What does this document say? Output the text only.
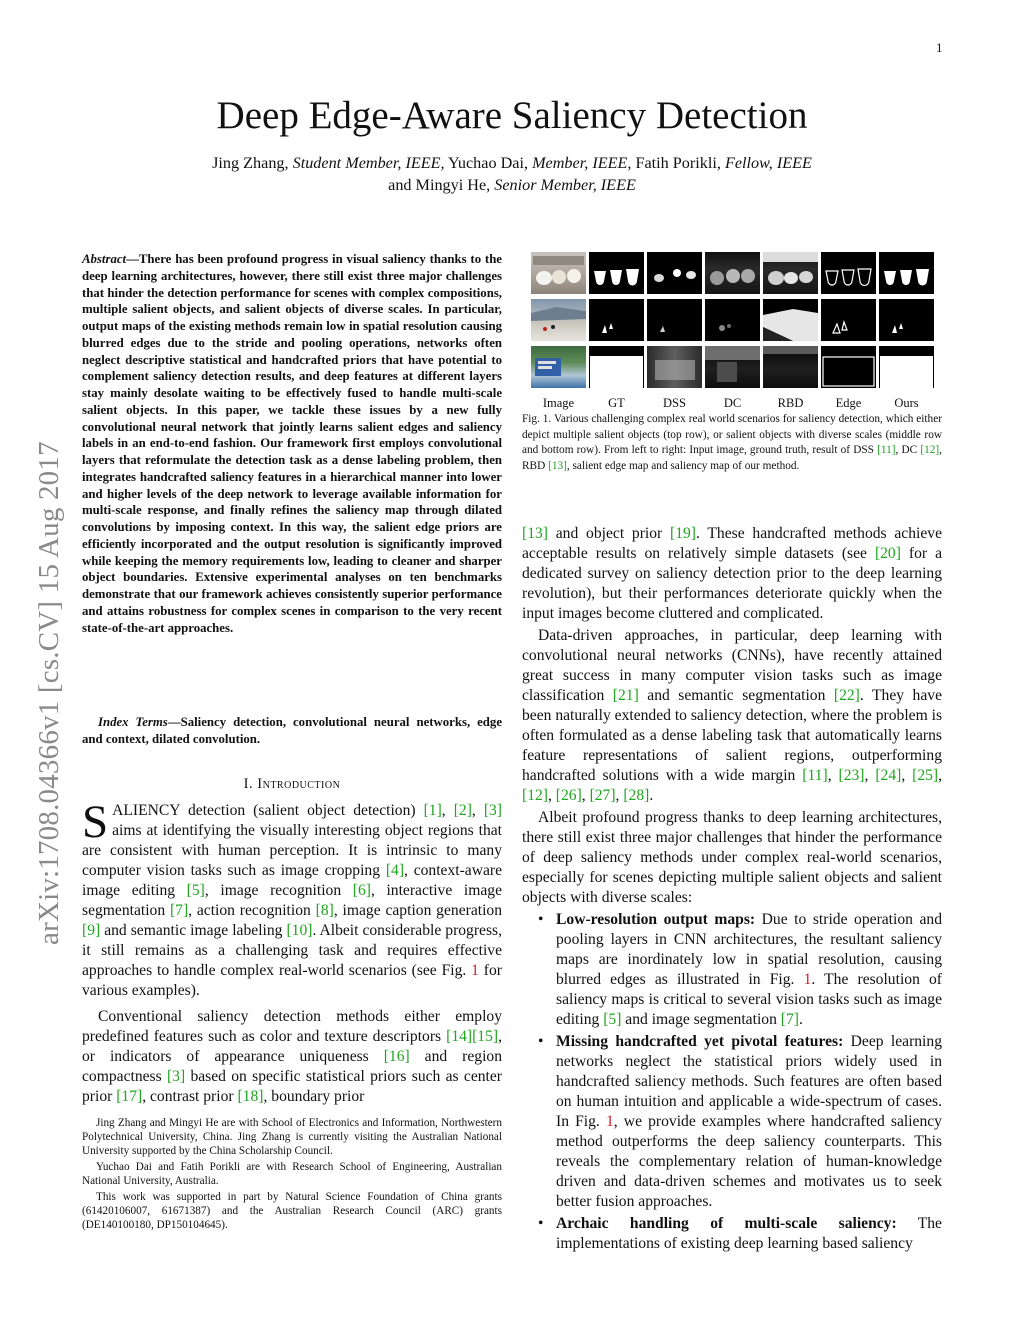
1
arXiv:1708.04366v1 [cs.CV] 15 Aug 2017
Deep Edge-Aware Saliency Detection
Jing Zhang, Student Member, IEEE, Yuchao Dai, Member, IEEE, Fatih Porikli, Fellow, IEEE
and Mingyi He, Senior Member, IEEE
Abstract—There has been profound progress in visual saliency thanks to the deep learning architectures, however, there still exist three major challenges that hinder the detection performance for scenes with complex compositions, multiple salient objects, and salient objects of diverse scales. In particular, output maps of the existing methods remain low in spatial resolution causing blurred edges due to the stride and pooling operations, networks often neglect descriptive statistical and handcrafted priors that have potential to complement saliency detection results, and deep features at different layers stay mainly desolate waiting to be effectively fused to handle multi-scale salient objects. In this paper, we tackle these issues by a new fully convolutional neural network that jointly learns salient edges and saliency labels in an end-to-end fashion. Our framework first employs convolutional layers that reformulate the detection task as a dense labeling problem, then integrates handcrafted saliency features in a hierarchical manner into lower and higher levels of the deep network to leverage available information for multi-scale response, and finally refines the saliency map through dilated convolutions by imposing context. In this way, the salient edge priors are efficiently incorporated and the output resolution is significantly improved while keeping the memory requirements low, leading to cleaner and sharper object boundaries. Extensive experimental analyses on ten benchmarks demonstrate that our framework achieves consistently superior performance and attains robustness for complex scenes in comparison to the very recent state-of-the-art approaches.
Index Terms—Saliency detection, convolutional neural networks, edge and context, dilated convolution.
I. Introduction

SALIENCY detection (salient object detection) [1], [2], [3] aims at identifying the visually interesting object regions that are consistent with human perception. It is intrinsic to many computer vision tasks such as image cropping [4], context-aware image editing [5], image recognition [6], interactive image segmentation [7], action recognition [8], image caption generation [9] and semantic image labeling [10]. Albeit considerable progress, it still remains as a challenging task and requires effective approaches to handle complex real-world scenarios (see Fig. 1 for various examples).

Conventional saliency detection methods either employ predefined features such as color and texture descriptors [14][15], or indicators of appearance uniqueness [16] and region compactness [3] based on specific statistical priors such as center prior [17], contrast prior [18], boundary prior

Jing Zhang and Mingyi He are with School of Electronics and Information, Northwestern Polytechnical University, China. Jing Zhang is currently visiting the Australian National University supported by the China Scholarship Council.

Yuchao Dai and Fatih Porikli are with Research School of Engineering, Australian National University, Australia.

This work was supported in part by Natural Science Foundation of China grants (61420106007, 61671387) and the Australian Research Council (ARC) grants (DE140100180, DP150104645).

Image	GT	DSS	DC	RBD	Edge	Ours
Fig. 1. Various challenging complex real world scenarios for saliency detection, which either depict multiple salient objects (top row), or salient objects with diverse scales (middle row and bottom row). From left to right: Input image, ground truth, result of DSS [11], DC [12], RBD [13], salient edge map and saliency map of our method.

[13] and object prior [19]. These handcrafted methods achieve acceptable results on relatively simple datasets (see [20] for a dedicated survey on saliency detection prior to the deep learning revolution), but their performances deteriorate quickly when the input images become cluttered and complicated.

Data-driven approaches, in particular, deep learning with convolutional neural networks (CNNs), have recently attained great success in many computer vision tasks such as image classification [21] and semantic segmentation [22]. They have been naturally extended to saliency detection, where the problem is often formulated as a dense labeling task that automatically learns feature representations of salient regions, outperforming handcrafted solutions with a wide margin [11], [23], [24], [25], [12], [26], [27], [28].

Albeit profound progress thanks to deep learning architectures, there still exist three major challenges that hinder the performance of deep saliency methods under complex real-world scenarios, especially for scenes depicting multiple salient objects and salient objects with diverse scales:

• Low-resolution output maps: Due to stride operation and pooling layers in CNN architectures, the resultant saliency maps are inordinately low in spatial resolution, causing blurred edges as illustrated in Fig. 1. The resolution of saliency maps is critical to several vision tasks such as image editing [5] and image segmentation [7].
• Missing handcrafted yet pivotal features: Deep learning networks neglect the statistical priors widely used in handcrafted saliency methods. Such features are often based on human intuition and applicable a wide-spectrum of cases. In Fig. 1, we provide examples where handcrafted saliency method outperforms the deep saliency counterparts. This reveals the complementary relation of human-knowledge driven and data-driven schemes and motivates us to seek better fusion approaches.
• Archaic handling of multi-scale saliency: The implementations of existing deep learning based saliency
